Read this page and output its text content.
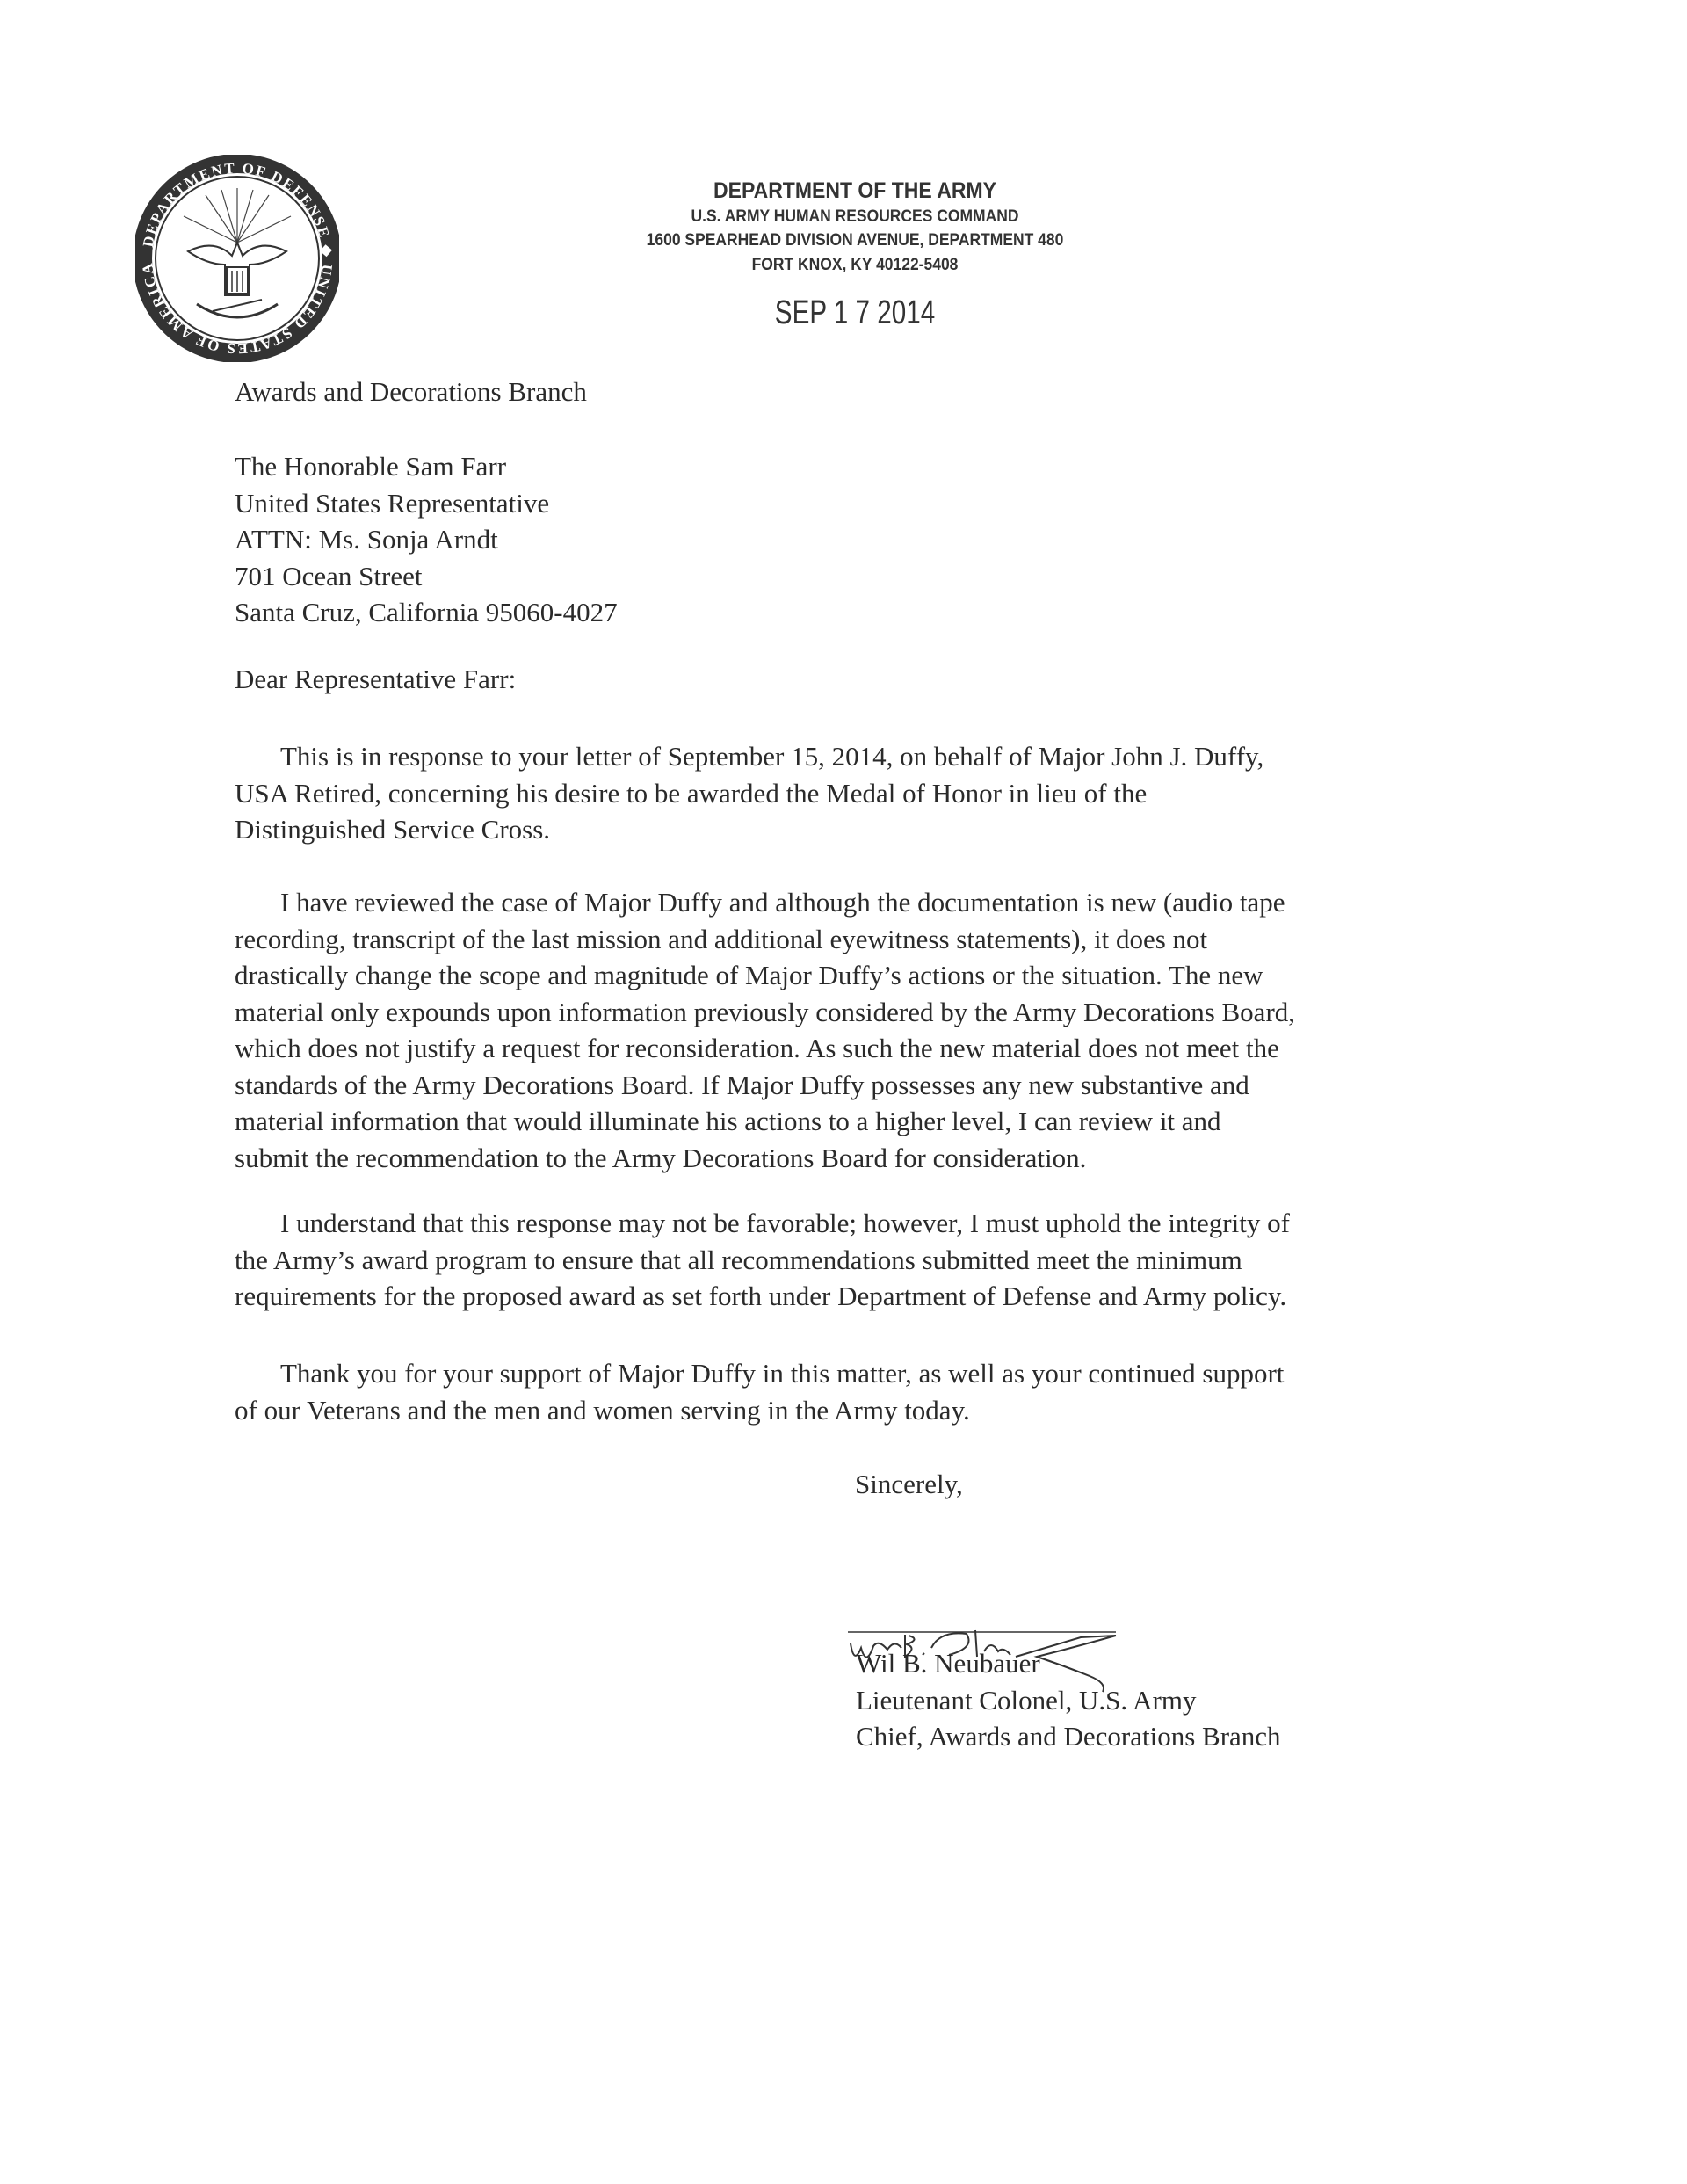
DEPARTMENT OF DEFENSE ◆ UNITED STATES OF AMERICA
DEPARTMENT OF THE ARMY
U.S. ARMY HUMAN RESOURCES COMMAND
1600 SPEARHEAD DIVISION AVENUE, DEPARTMENT 480
FORT KNOX, KY 40122-5408
SEP 1 7 2014
Awards and Decorations Branch
The Honorable Sam Farr
United States Representative
ATTN: Ms. Sonja Arndt
701 Ocean Street
Santa Cruz, California 95060-4027
Dear Representative Farr:
This is in response to your letter of September 15, 2014, on behalf of Major John J. Duffy,
USA Retired, concerning his desire to be awarded the Medal of Honor in lieu of the
Distinguished Service Cross.
I have reviewed the case of Major Duffy and although the documentation is new (audio tape
recording, transcript of the last mission and additional eyewitness statements), it does not
drastically change the scope and magnitude of Major Duffy’s actions or the situation. The new
material only expounds upon information previously considered by the Army Decorations Board,
which does not justify a request for reconsideration. As such the new material does not meet the
standards of the Army Decorations Board. If Major Duffy possesses any new substantive and
material information that would illuminate his actions to a higher level, I can review it and
submit the recommendation to the Army Decorations Board for consideration.
I understand that this response may not be favorable; however, I must uphold the integrity of
the Army’s award program to ensure that all recommendations submitted meet the minimum
requirements for the proposed award as set forth under Department of Defense and Army policy.
Thank you for your support of Major Duffy in this matter, as well as your continued support
of our Veterans and the men and women serving in the Army today.
Sincerely,
Wil B. Neubauer
Lieutenant Colonel, U.S. Army
Chief, Awards and Decorations Branch
